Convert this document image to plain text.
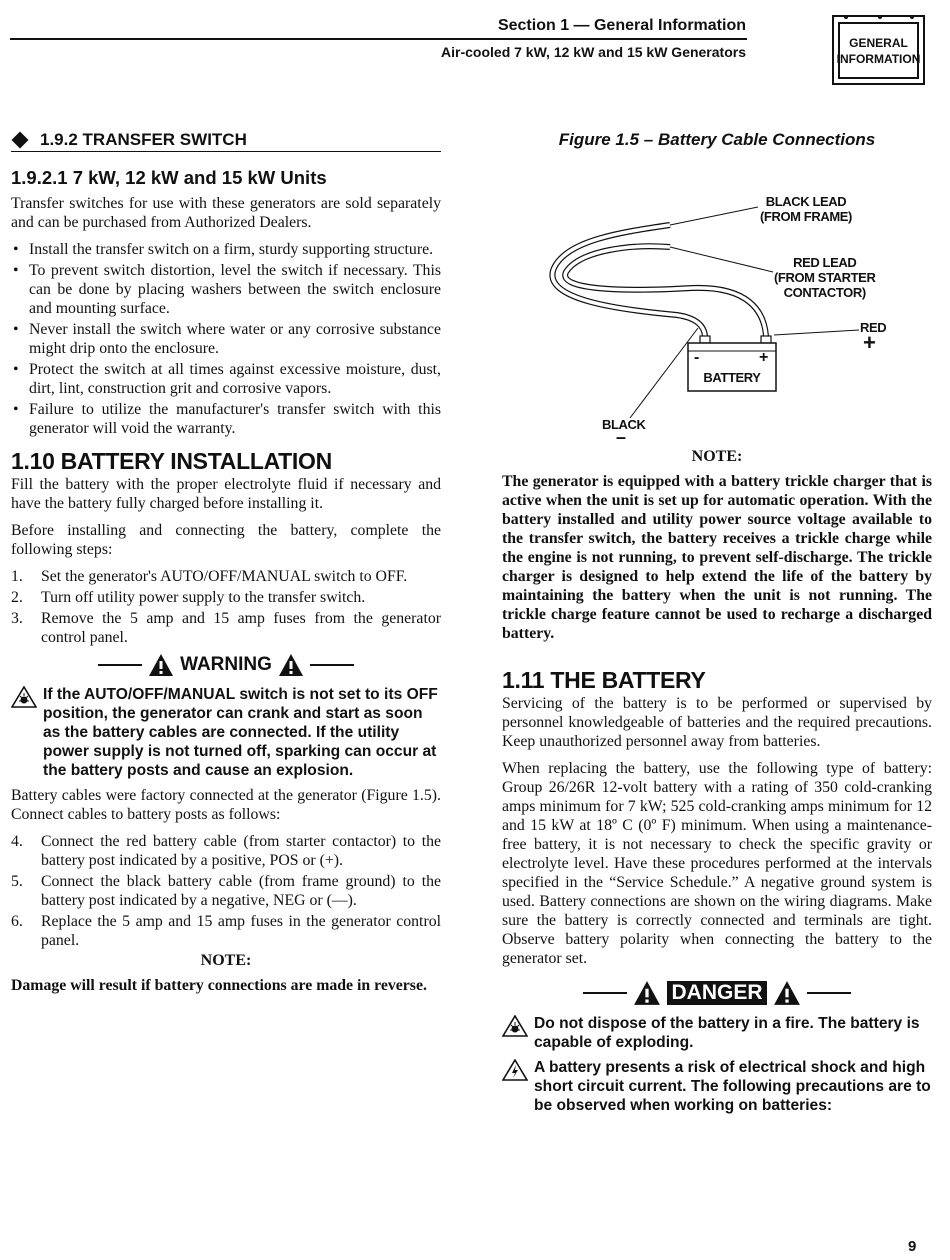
Section 1 — General Information
Air-cooled 7 kW, 12 kW and 15 kW Generators
GENERAL
INFORMATION
1.9.2 TRANSFER SWITCH
1.9.2.1 7 kW, 12 kW and 15 kW Units

Transfer switches for use with these generators are sold separately and can be purchased from Authorized Dealers.

• Install the transfer switch on a firm, sturdy supporting structure.
• To prevent switch distortion, level the switch if necessary. This can be done by placing washers between the switch enclosure and mounting surface.
• Never install the switch where water or any corrosive substance might drip onto the enclosure.
• Protect the switch at all times against excessive moisture, dust, dirt, lint, construction grit and corrosive vapors.
• Failure to utilize the manufacturer's transfer switch with this generator will void the warranty.
1.10 BATTERY INSTALLATION

Fill the battery with the proper electrolyte fluid if necessary and have the battery fully charged before installing it.

Before installing and connecting the battery, complete the following steps:

1. Set the generator's AUTO/OFF/MANUAL switch to OFF.
2. Turn off utility power supply to the transfer switch.
3. Remove the 5 amp and 15 amp fuses from the generator control panel.
WARNING
If the AUTO/OFF/MANUAL switch is not set to its OFF position, the generator can crank and start as soon as the battery cables are connected. If the utility power supply is not turned off, sparking can occur at the battery posts and cause an explosion.

Battery cables were factory connected at the generator (Figure 1.5). Connect cables to battery posts as follows:

4. Connect the red battery cable (from starter contactor) to the battery post indicated by a positive, POS or (+).
5. Connect the black battery cable (from frame ground) to the battery post indicated by a negative, NEG or (—).
6. Replace the 5 amp and 15 amp fuses in the generator control panel.
NOTE:

Damage will result if battery connections are made in reverse.

Figure 1.5 – Battery Cable Connections

BLACK LEAD
(FROM FRAME)
RED LEAD
(FROM STARTER
CONTACTOR)
RED
+
BLACK
–
-	+
BATTERY
NOTE:

The generator is equipped with a battery trickle charger that is active when the unit is set up for automatic operation. With the battery installed and utility power source voltage available to the transfer switch, the battery receives a trickle charge while the engine is not running, to prevent self-discharge. The trickle charger is designed to help extend the life of the battery by maintaining the battery when the unit is not running. The trickle charge feature cannot be used to recharge a discharged battery.

1.11 THE BATTERY

Servicing of the battery is to be performed or supervised by personnel knowledgeable of batteries and the required precautions. Keep unauthorized personnel away from batteries.

When replacing the battery, use the following type of battery: Group 26/26R 12-volt battery with a rating of 350 cold-cranking amps minimum for 7 kW; 525 cold-cranking amps minimum for 12 and 15 kW at 18º C (0º F) minimum. When using a maintenance-free battery, it is not necessary to check the specific gravity or electrolyte level. Have these procedures performed at the intervals specified in the “Service Schedule.” A negative ground system is used. Battery connections are shown on the wiring diagrams. Make sure the battery is correctly connected and terminals are tight. Observe battery polarity when connecting the battery to the generator set.

DANGER
Do not dispose of the battery in a fire. The battery is capable of exploding.
A battery presents a risk of electrical shock and high short circuit current. The following precautions are to be observed when working on batteries:
9
